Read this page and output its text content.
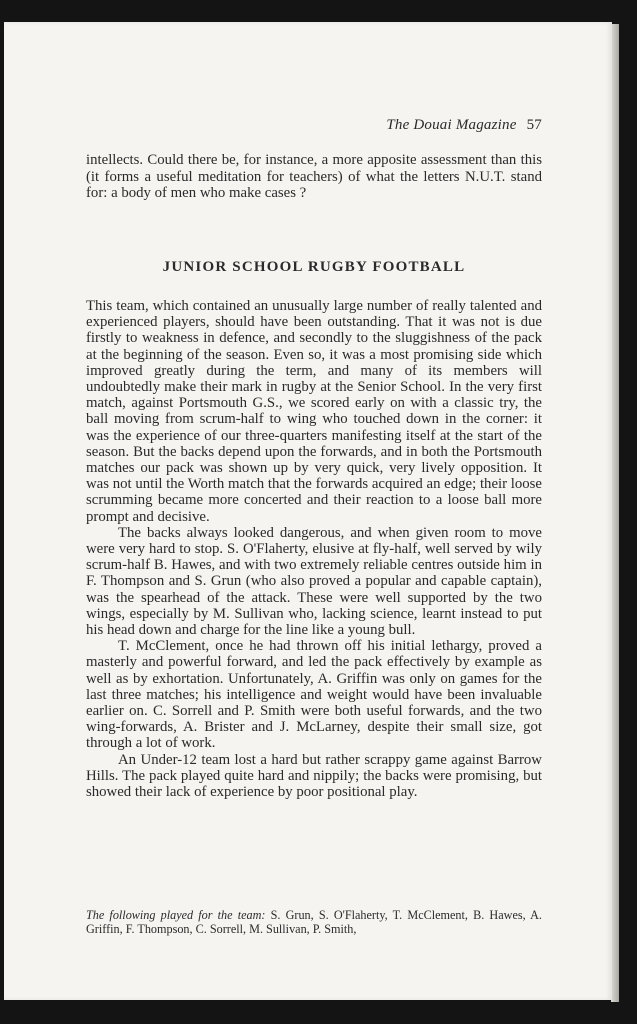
The Douai Magazine 57

intellects. Could there be, for instance, a more apposite assessment than this (it forms a useful meditation for teachers) of what the letters N.U.T. stand for: a body of men who make cases ?

JUNIOR SCHOOL RUGBY FOOTBALL

This team, which contained an unusually large number of really talented and experienced players, should have been outstanding. That it was not is due firstly to weakness in defence, and secondly to the sluggishness of the pack at the beginning of the season. Even so, it was a most promising side which improved greatly during the term, and many of its members will undoubtedly make their mark in rugby at the Senior School. In the very first match, against Portsmouth G.S., we scored early on with a classic try, the ball moving from scrum-half to wing who touched down in the corner: it was the experience of our three-quarters manifesting itself at the start of the season. But the backs depend upon the forwards, and in both the Portsmouth matches our pack was shown up by very quick, very lively opposition. It was not until the Worth match that the forwards acquired an edge; their loose scrumming became more concerted and their reaction to a loose ball more prompt and decisive.

The backs always looked dangerous, and when given room to move were very hard to stop. S. O'Flaherty, elusive at fly-half, well served by wily scrum-half B. Hawes, and with two extremely reliable centres outside him in F. Thompson and S. Grun (who also proved a popular and capable captain), was the spearhead of the attack. These were well supported by the two wings, especially by M. Sullivan who, lacking science, learnt instead to put his head down and charge for the line like a young bull.

T. McClement, once he had thrown off his initial lethargy, proved a masterly and powerful forward, and led the pack effectively by example as well as by exhortation. Unfortunately, A. Griffin was only on games for the last three matches; his intelligence and weight would have been invaluable earlier on. C. Sorrell and P. Smith were both useful forwards, and the two wing-forwards, A. Brister and J. McLarney, despite their small size, got through a lot of work.

An Under-12 team lost a hard but rather scrappy game against Barrow Hills. The pack played quite hard and nippily; the backs were promising, but showed their lack of experience by poor positional play.

The following played for the team: S. Grun, S. O'Flaherty, T. McClement, B. Hawes, A. Griffin, F. Thompson, C. Sorrell, M. Sullivan, P. Smith,
